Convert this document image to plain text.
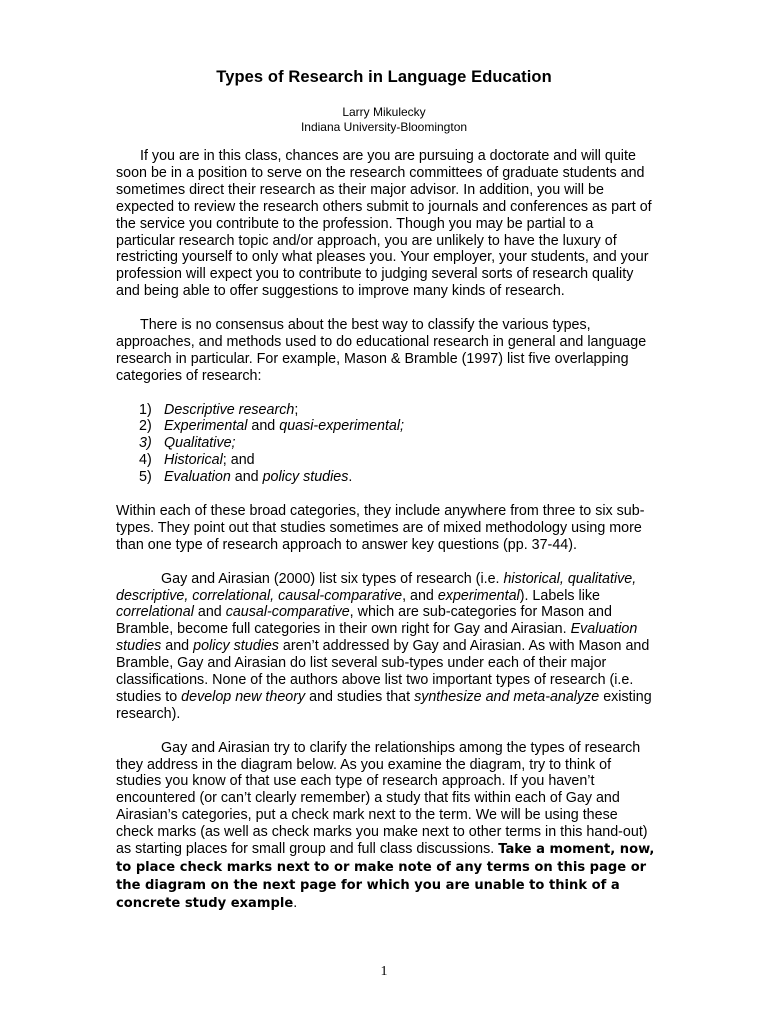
Types of Research in Language Education
Larry Mikulecky
Indiana University-Bloomington

If you are in this class, chances are you are pursuing a doctorate and will quite soon be in a position to serve on the research committees of graduate students and sometimes direct their research as their major advisor. In addition, you will be expected to review the research others submit to journals and conferences as part of the service you contribute to the profession. Though you may be partial to a particular research topic and/or approach, you are unlikely to have the luxury of restricting yourself to only what pleases you. Your employer, your students, and your profession will expect you to contribute to judging several sorts of research quality and being able to offer suggestions to improve many kinds of research.

There is no consensus about the best way to classify the various types, approaches, and methods used to do educational research in general and language research in particular. For example, Mason & Bramble (1997) list five overlapping categories of research:

1) Descriptive research;
2) Experimental and quasi-experimental;
3) Qualitative;
4) Historical; and
5) Evaluation and policy studies.

Within each of these broad categories, they include anywhere from three to six sub-types. They point out that studies sometimes are of mixed methodology using more than one type of research approach to answer key questions (pp. 37-44).

Gay and Airasian (2000) list six types of research (i.e. historical, qualitative, descriptive, correlational, causal-comparative, and experimental). Labels like correlational and causal-comparative, which are sub-categories for Mason and Bramble, become full categories in their own right for Gay and Airasian. Evaluation studies and policy studies aren’t addressed by Gay and Airasian. As with Mason and Bramble, Gay and Airasian do list several sub-types under each of their major classifications. None of the authors above list two important types of research (i.e. studies to develop new theory and studies that synthesize and meta-analyze existing research).

Gay and Airasian try to clarify the relationships among the types of research they address in the diagram below. As you examine the diagram, try to think of studies you know of that use each type of research approach. If you haven’t encountered (or can’t clearly remember) a study that fits within each of Gay and Airasian’s categories, put a check mark next to the term. We will be using these check marks (as well as check marks you make next to other terms in this hand-out) as starting places for small group and full class discussions. Take a moment, now, to place check marks next to or make note of any terms on this page or the diagram on the next page for which you are unable to think of a concrete study example.

1
